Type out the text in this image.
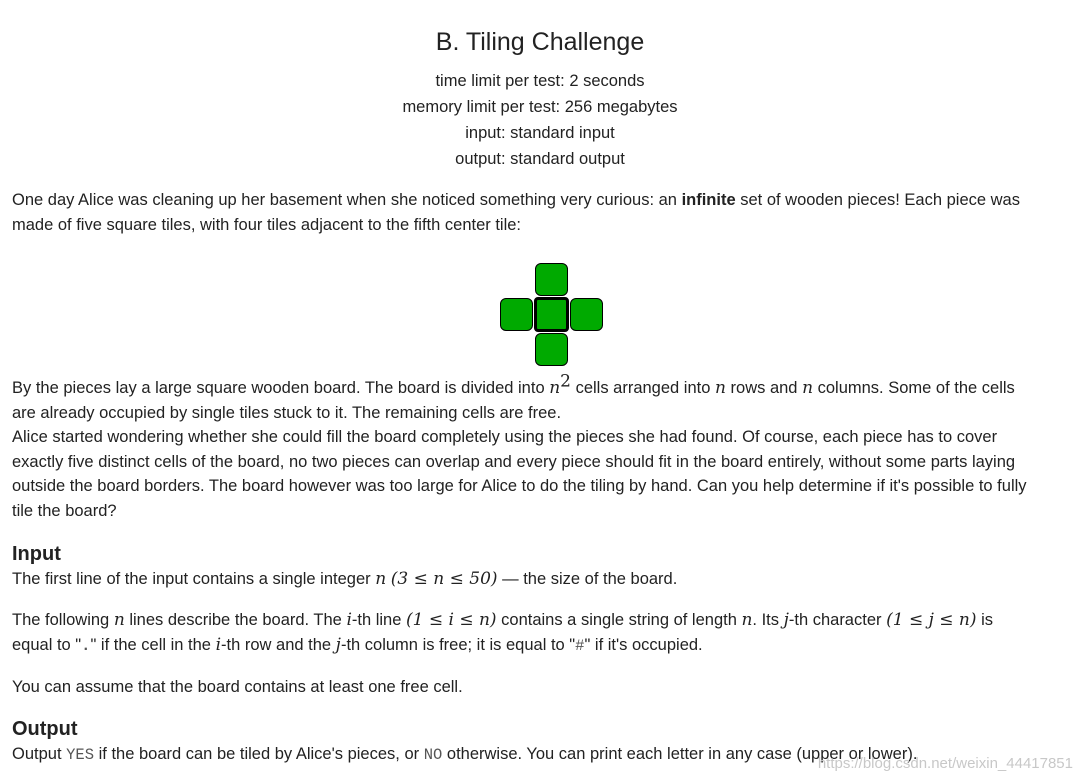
B. Tiling Challenge
time limit per test: 2 seconds
memory limit per test: 256 megabytes
input: standard input
output: standard output
One day Alice was cleaning up her basement when she noticed something very curious: an infinite set of wooden pieces! Each piece was
made of five square tiles, with four tiles adjacent to the fifth center tile:
By the pieces lay a large square wooden board. The board is divided into $n^2$ cells arranged into n rows and n columns. Some of the cells
are already occupied by single tiles stuck to it. The remaining cells are free.
Alice started wondering whether she could fill the board completely using the pieces she had found. Of course, each piece has to cover
exactly five distinct cells of the board, no two pieces can overlap and every piece should fit in the board entirely, without some parts laying
outside the board borders. The board however was too large for Alice to do the tiling by hand. Can you help determine if it's possible to fully
tile the board?
Input
The first line of the input contains a single integer n (3 ≤ n ≤ 50) — the size of the board.
The following n lines describe the board. The i-th line (1 ≤ i ≤ n) contains a single string of length n. Its j-th character (1 ≤ j ≤ n) is
equal to "." if the cell in the i-th row and the j-th column is free; it is equal to "#" if it's occupied.
You can assume that the board contains at least one free cell.
Output
Output YES if the board can be tiled by Alice's pieces, or NO otherwise. You can print each letter in any case (upper or lower).
https://blog.csdn.net/weixin_44417851
